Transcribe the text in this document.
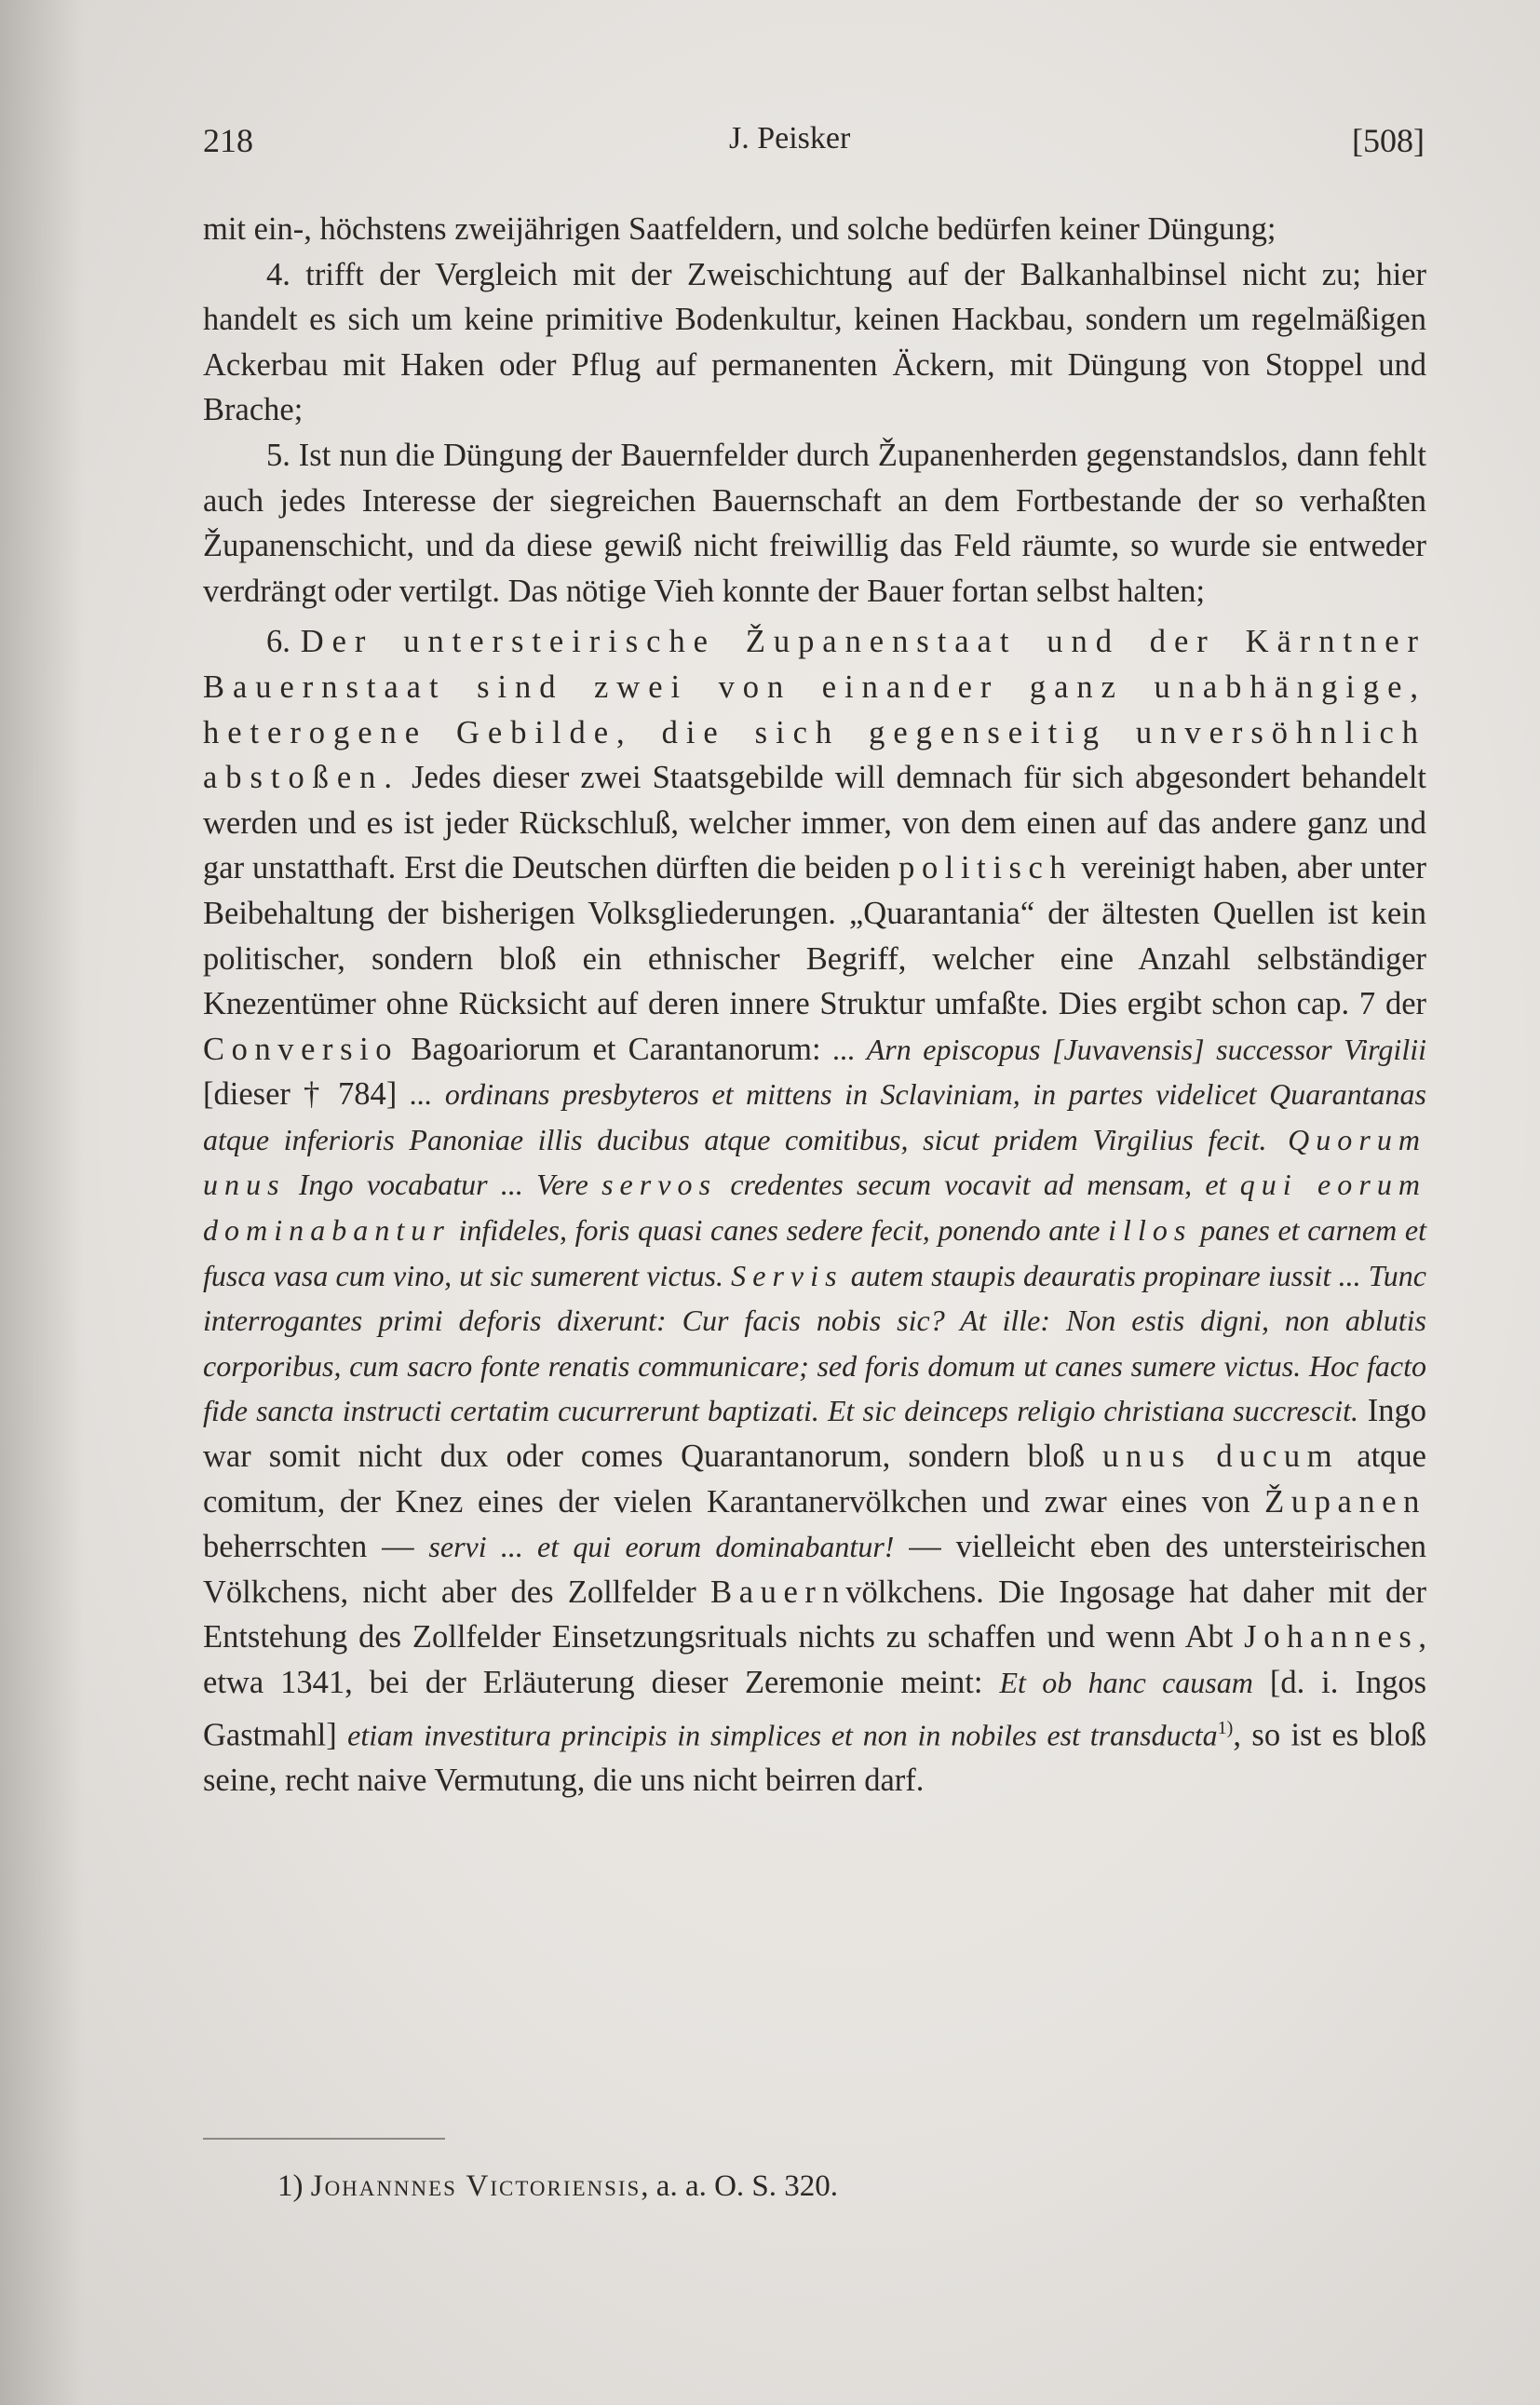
218	J. Peisker	[508]

mit ein-, höchstens zweijährigen Saatfeldern, und solche bedürfen keiner Düngung;

4. trifft der Vergleich mit der Zweischichtung auf der Balkanhalbinsel nicht zu; hier handelt es sich um keine primitive Bodenkultur, keinen Hackbau, sondern um regelmäßigen Ackerbau mit Haken oder Pflug auf permanenten Äckern, mit Düngung von Stoppel und Brache;

5. Ist nun die Düngung der Bauernfelder durch Županenherden gegenstandslos, dann fehlt auch jedes Interesse der siegreichen Bauernschaft an dem Fortbestande der so verhaßten Županenschicht, und da diese gewiß nicht freiwillig das Feld räumte, so wurde sie entweder verdrängt oder vertilgt. Das nötige Vieh konnte der Bauer fortan selbst halten;

6. Der untersteirische Županenstaat und der Kärntner Bauernstaat sind zwei von einander ganz unabhängige, heterogene Gebilde, die sich gegenseitig unversöhnlich abstoßen. Jedes dieser zwei Staatsgebilde will demnach für sich abgesondert behandelt werden und es ist jeder Rückschluß, welcher immer, von dem einen auf das andere ganz und gar unstatthaft. Erst die Deutschen dürften die beiden politisch vereinigt haben, aber unter Beibehaltung der bisherigen Volksgliederungen. „Quarantania“ der ältesten Quellen ist kein politischer, sondern bloß ein ethnischer Begriff, welcher eine Anzahl selbständiger Knezentümer ohne Rücksicht auf deren innere Struktur umfaßte. Dies ergibt schon cap. 7 der Conversio Bagoariorum et Carantanorum: ... Arn episcopus [Juvavensis] successor Virgilii [dieser † 784] ... ordinans presbyteros et mittens in Sclaviniam, in partes videlicet Quarantanas atque inferioris Panoniae illis ducibus atque comitibus, sicut pridem Virgilius fecit. Quorum unus Ingo vocabatur ... Vere servos credentes secum vocavit ad mensam, et qui eorum dominabantur infideles, foris quasi canes sedere fecit, ponendo ante illos panes et carnem et fusca vasa cum vino, ut sic sumerent victus. Servis autem staupis deauratis propinare iussit ... Tunc interrogantes primi deforis dixerunt: Cur facis nobis sic? At ille: Non estis digni, non ablutis corporibus, cum sacro fonte renatis communicare; sed foris domum ut canes sumere victus. Hoc facto fide sancta instructi certatim cucurrerunt baptizati. Et sic deinceps religio christiana succrescit. Ingo war somit nicht dux oder comes Quarantanorum, sondern bloß unus ducum atque comitum, der Knez eines der vielen Karantanervölkchen und zwar eines von Županen beherrschten — servi ... et qui eorum dominabantur! — vielleicht eben des untersteirischen Völkchens, nicht aber des Zollfelder Bauernvölkchens. Die Ingosage hat daher mit der Entstehung des Zollfelder Einsetzungsrituals nichts zu schaffen und wenn Abt Johannes, etwa 1341, bei der Erläuterung dieser Zeremonie meint: Et ob hanc causam [d. i. Ingos Gastmahl] etiam investitura principis in simplices et non in nobiles est transducta$^{1)}$, so ist es bloß seine, recht naive Vermutung, die uns nicht beirren darf.

1) Johannnes Victoriensis, a. a. O. S. 320.
